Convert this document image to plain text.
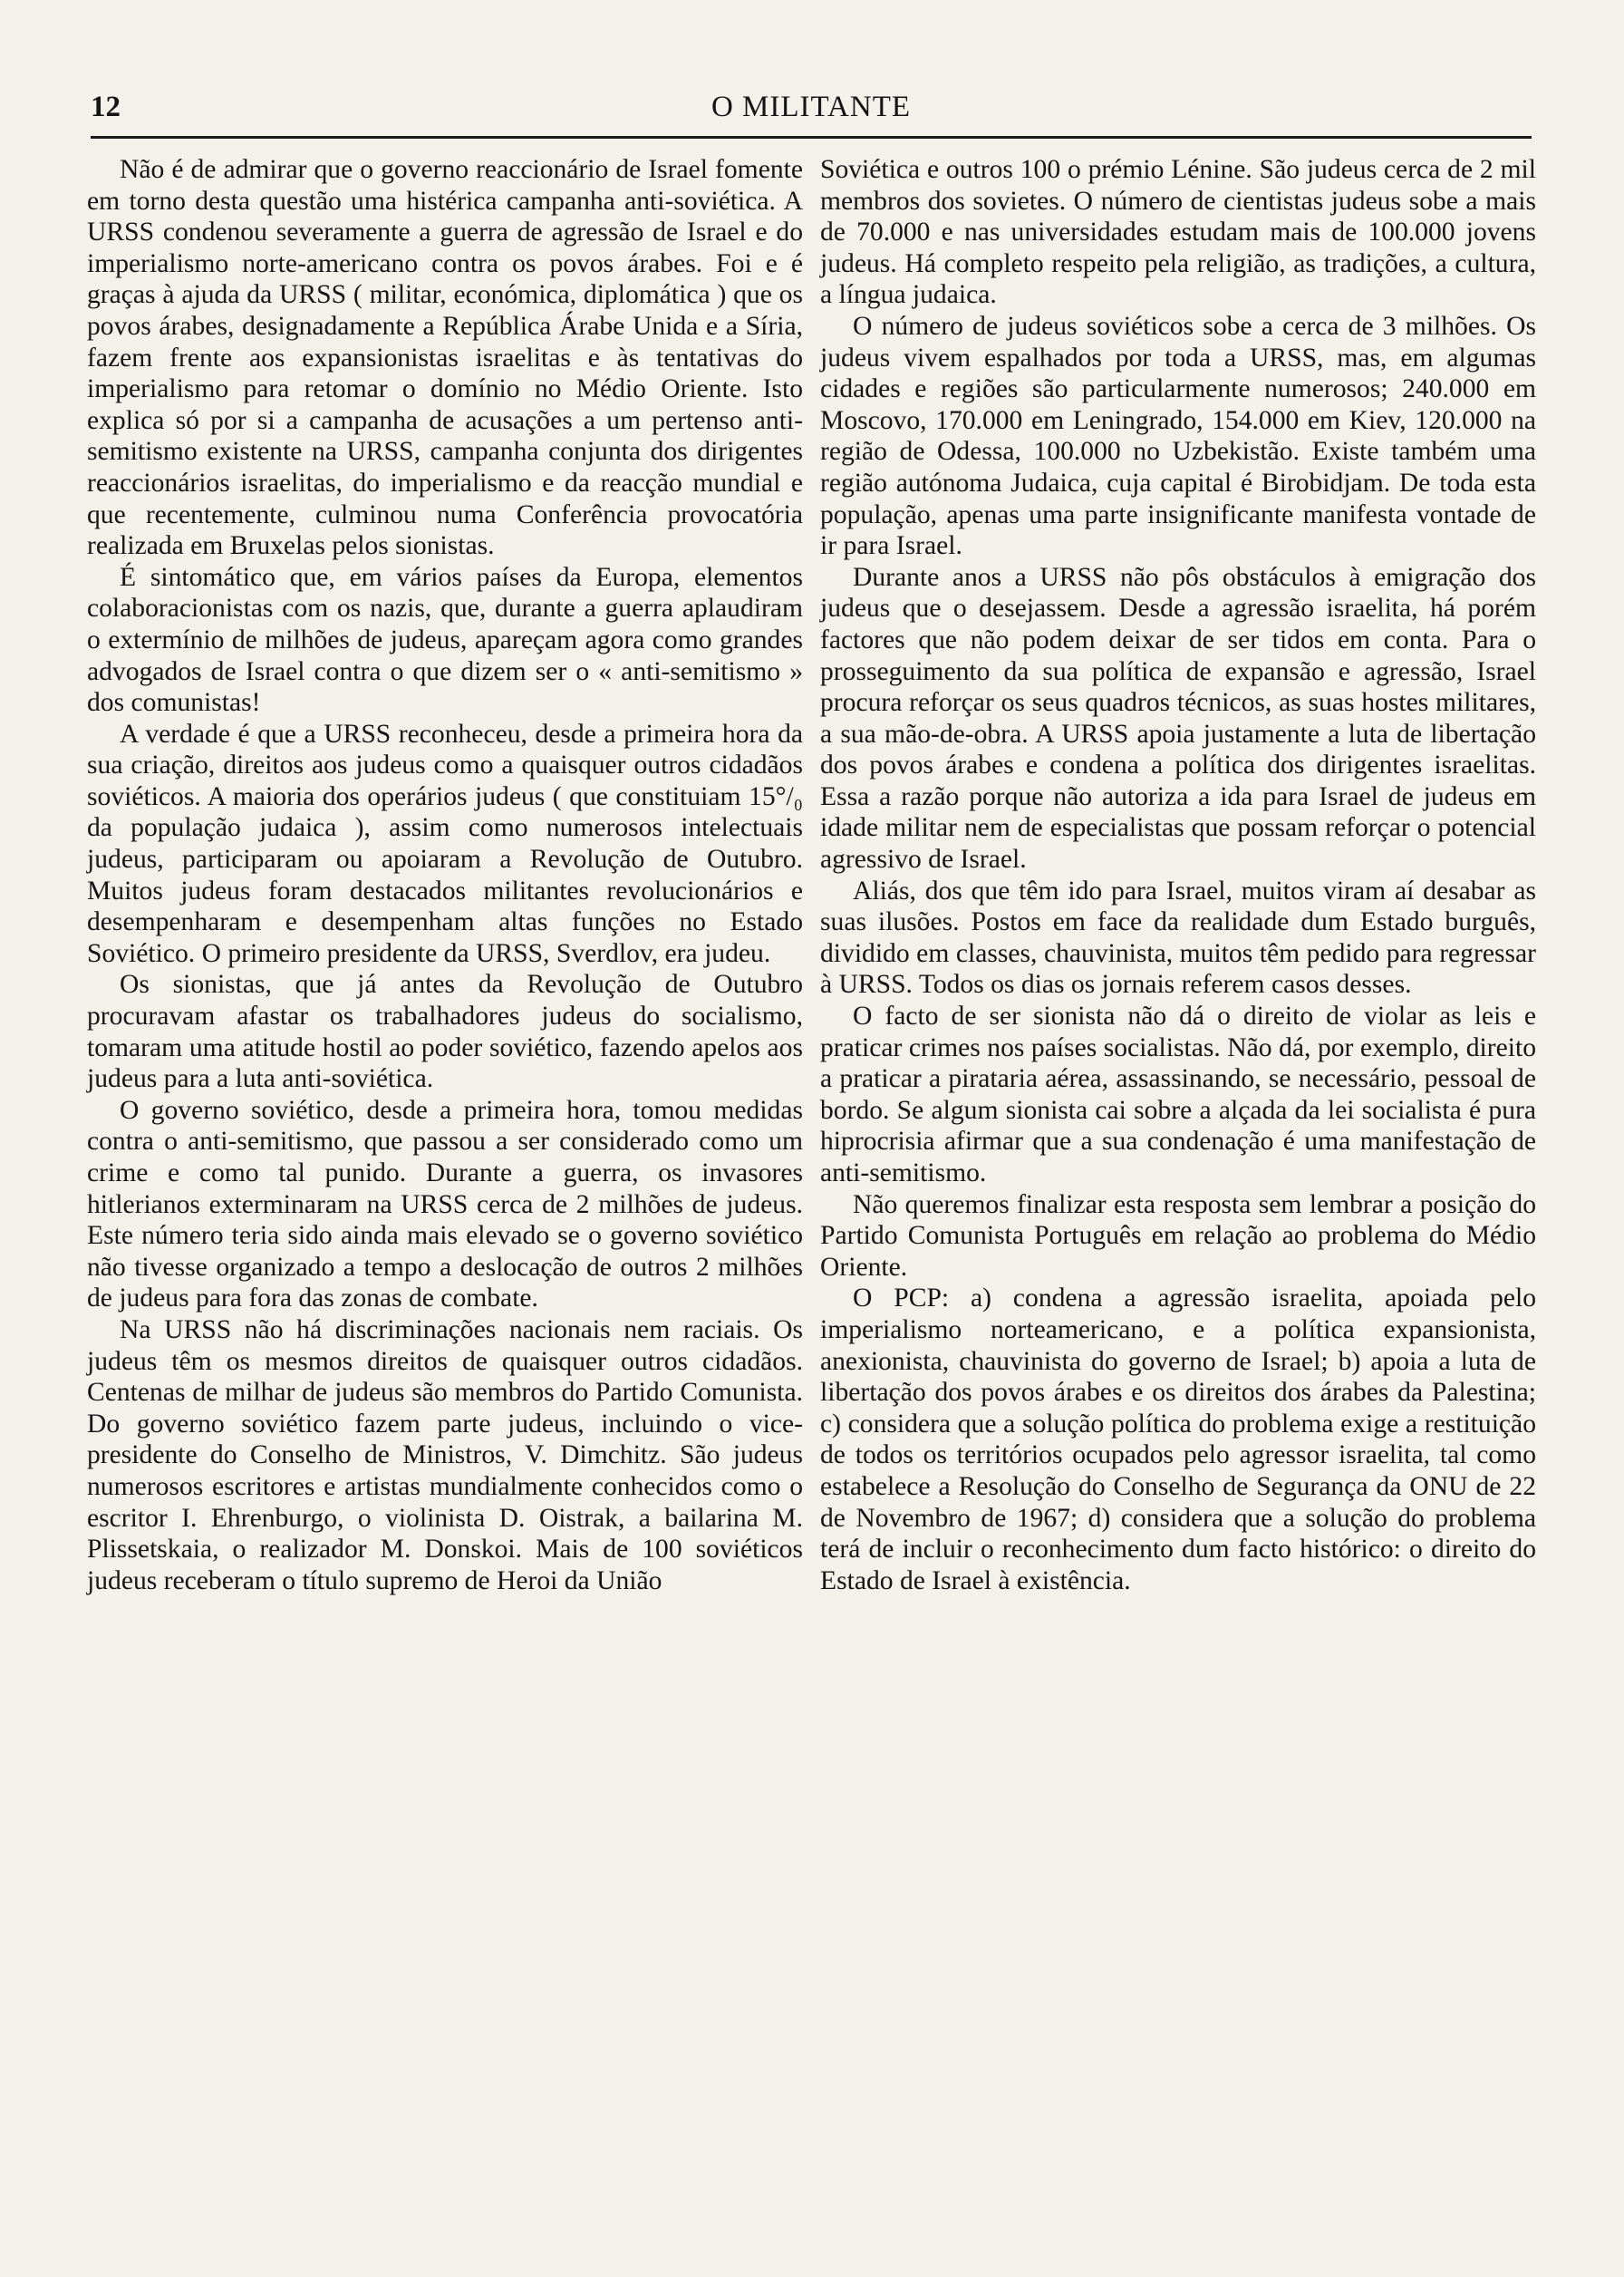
12	O MILITANTE

Não é de admirar que o governo reaccionário de Israel fomente em torno desta questão uma histérica campanha anti-soviética. A URSS condenou severamente a guerra de agressão de Israel e do imperialismo norte-americano contra os povos árabes. Foi e é graças à ajuda da URSS ( militar, económica, diplomática ) que os povos árabes, designadamente a República Árabe Unida e a Síria, fazem frente aos expansionistas israelitas e às tentativas do imperialismo para retomar o domínio no Médio Oriente. Isto explica só por si a campanha de acusações a um pertenso anti-semitismo existente na URSS, campanha conjunta dos dirigentes reaccionários israelitas, do imperialismo e da reacção mundial e que recentemente, culminou numa Conferência provocatória realizada em Bruxelas pelos sionistas.

É sintomático que, em vários países da Europa, elementos colaboracionistas com os nazis, que, durante a guerra aplaudiram o extermínio de milhões de judeus, apareçam agora como grandes advogados de Israel contra o que dizem ser o « anti-semitismo » dos comunistas!

A verdade é que a URSS reconheceu, desde a primeira hora da sua criação, direitos aos judeus como a quaisquer outros cidadãos soviéticos. A maioria dos operários judeus ( que constituiam 15°/₀ da população judaica ), assim como numerosos intelectuais judeus, participaram ou apoiaram a Revolução de Outubro. Muitos judeus foram destacados militantes revolucionários e desempenharam e desempenham altas funções no Estado Soviético. O primeiro presidente da URSS, Sverdlov, era judeu.

Os sionistas, que já antes da Revolução de Outubro procuravam afastar os trabalhadores judeus do socialismo, tomaram uma atitude hostil ao poder soviético, fazendo apelos aos judeus para a luta anti-soviética.

O governo soviético, desde a primeira hora, tomou medidas contra o anti-semitismo, que passou a ser considerado como um crime e como tal punido. Durante a guerra, os invasores hitlerianos exterminaram na URSS cerca de 2 milhões de judeus. Este número teria sido ainda mais elevado se o governo soviético não tivesse organizado a tempo a deslocação de outros 2 milhões de judeus para fora das zonas de combate.

Na URSS não há discriminações nacionais nem raciais. Os judeus têm os mesmos direitos de quaisquer outros cidadãos. Centenas de milhar de judeus são membros do Partido Comunista. Do governo soviético fazem parte judeus, incluindo o vice-presidente do Conselho de Ministros, V. Dimchitz. São judeus numerosos escritores e artistas mundialmente conhecidos como o escritor I. Ehrenburgo, o violinista D. Oistrak, a bailarina M. Plissetskaia, o realizador M. Donskoi. Mais de 100 soviéticos judeus receberam o título supremo de Heroi da União

Soviética e outros 100 o prémio Lénine. São judeus cerca de 2 mil membros dos sovietes. O número de cientistas judeus sobe a mais de 70.000 e nas universidades estudam mais de 100.000 jovens judeus. Há completo respeito pela religião, as tradições, a cultura, a língua judaica.

O número de judeus soviéticos sobe a cerca de 3 milhões. Os judeus vivem espalhados por toda a URSS, mas, em algumas cidades e regiões são particularmente numerosos; 240.000 em Moscovo, 170.000 em Leningrado, 154.000 em Kiev, 120.000 na região de Odessa, 100.000 no Uzbekistão. Existe também uma região autónoma Judaica, cuja capital é Birobidjam. De toda esta população, apenas uma parte insignificante manifesta vontade de ir para Israel.

Durante anos a URSS não pôs obstáculos à emigração dos judeus que o desejassem. Desde a agressão israelita, há porém factores que não podem deixar de ser tidos em conta. Para o prosseguimento da sua política de expansão e agressão, Israel procura reforçar os seus quadros técnicos, as suas hostes militares, a sua mão-de-obra. A URSS apoia justamente a luta de libertação dos povos árabes e condena a política dos dirigentes israelitas. Essa a razão porque não autoriza a ida para Israel de judeus em idade militar nem de especialistas que possam reforçar o potencial agressivo de Israel.

Aliás, dos que têm ido para Israel, muitos viram aí desabar as suas ilusões. Postos em face da realidade dum Estado burguês, dividido em classes, chauvinista, muitos têm pedido para regressar à URSS. Todos os dias os jornais referem casos desses.

O facto de ser sionista não dá o direito de violar as leis e praticar crimes nos países socialistas. Não dá, por exemplo, direito a praticar a pirataria aérea, assassinando, se necessário, pessoal de bordo. Se algum sionista cai sobre a alçada da lei socialista é pura hiprocrisia afirmar que a sua condenação é uma manifestação de anti-semitismo.

Não queremos finalizar esta resposta sem lembrar a posição do Partido Comunista Português em relação ao problema do Médio Oriente.

O PCP: a) condena a agressão israelita, apoiada pelo imperialismo norteamericano, e a política expansionista, anexionista, chauvinista do governo de Israel; b) apoia a luta de libertação dos povos árabes e os direitos dos árabes da Palestina; c) considera que a solução política do problema exige a restituição de todos os territórios ocupados pelo agressor israelita, tal como estabelece a Resolução do Conselho de Segurança da ONU de 22 de Novembro de 1967; d) considera que a solução do problema terá de incluir o reconhecimento dum facto histórico: o direito do Estado de Israel à existência.
